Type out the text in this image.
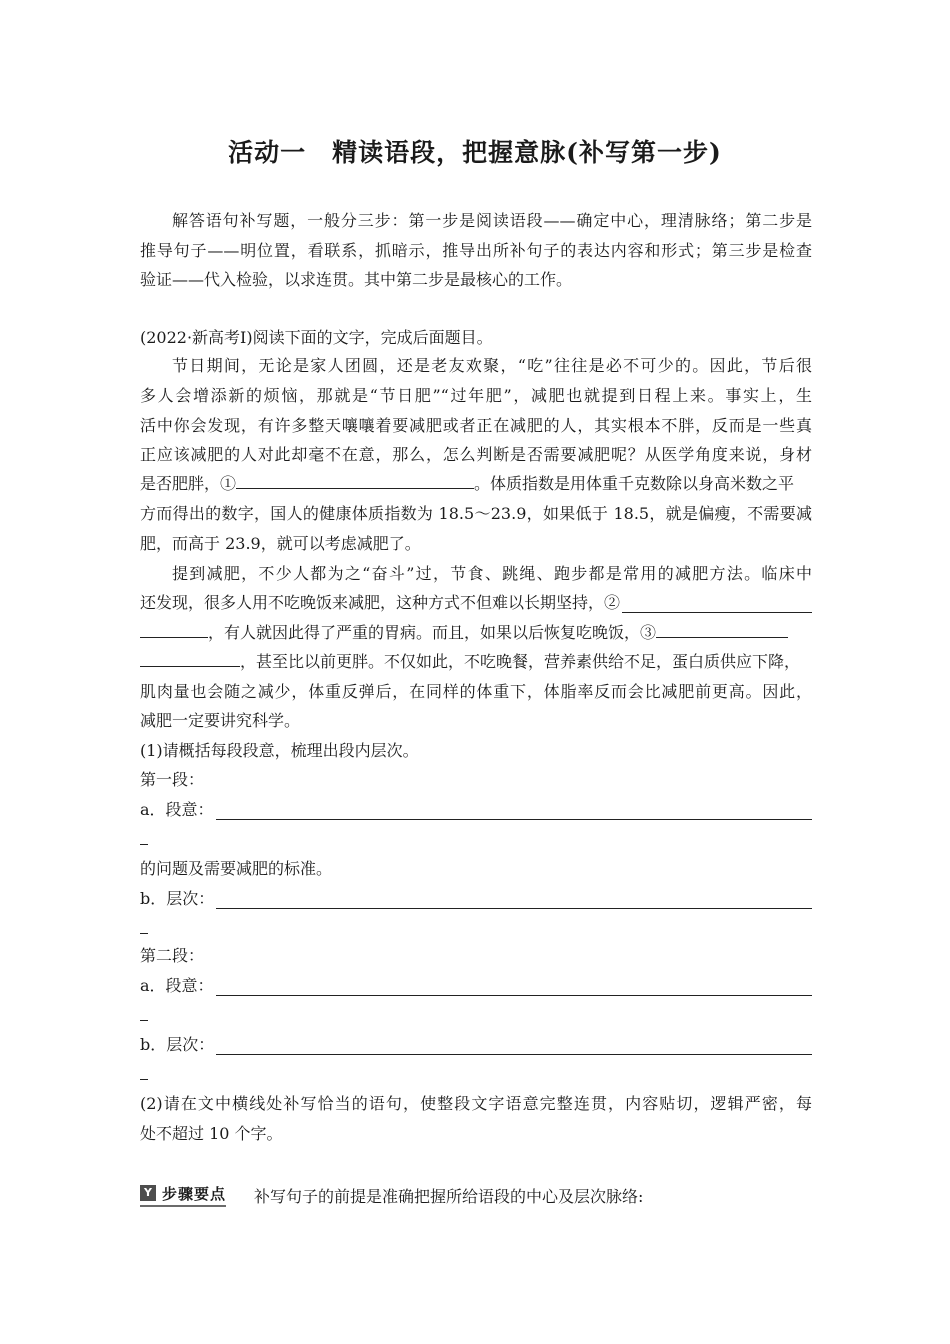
活动一　精读语段，把握意脉(补写第一步)
解答语句补写题，一般分三步：第一步是阅读语段——确定中心，理清脉络；第二步是
推导句子——明位置，看联系，抓暗示，推导出所补句子的表达内容和形式；第三步是检查
验证——代入检验，以求连贯。其中第二步是最核心的工作。
(2022·新高考Ⅰ)阅读下面的文字，完成后面题目。
节日期间，无论是家人团圆，还是老友欢聚，“吃”往往是必不可少的。因此，节后很
多人会增添新的烦恼，那就是“节日肥”“过年肥”，减肥也就提到日程上来。事实上，生
活中你会发现，有许多整天嚷嚷着要减肥或者正在减肥的人，其实根本不胖，反而是一些真
正应该减肥的人对此却毫不在意，那么，怎么判断是否需要减肥呢？从医学角度来说，身材
是否肥胖，①	。体质指数是用体重千克数除以身高米数之平
方而得出的数字，国人的健康体质指数为 18.5～23.9，如果低于 18.5，就是偏瘦，不需要减
肥，而高于 23.9，就可以考虑减肥了。
提到减肥，不少人都为之“奋斗”过，节食、跳绳、跑步都是常用的减肥方法。临床中
还发现，很多人用不吃晚饭来减肥，这种方式不但难以长期坚持，②
，有人就因此得了严重的胃病。而且，如果以后恢复吃晚饭，③
，甚至比以前更胖。不仅如此，不吃晚餐，营养素供给不足，蛋白质供应下降，
肌肉量也会随之减少，体重反弹后，在同样的体重下，体脂率反而会比减肥前更高。因此，
减肥一定要讲究科学。
(1)请概括每段段意，梳理出段内层次。
第一段：
a．段意：
的问题及需要减肥的标准。
b．层次：
第二段：
a．段意：
b．层次：
(2)请在文中横线处补写恰当的语句，使整段文字语意完整连贯，内容贴切，逻辑严密，每
处不超过 10 个字。
Y 步骤要点 补写句子的前提是准确把握所给语段的中心及层次脉络:
